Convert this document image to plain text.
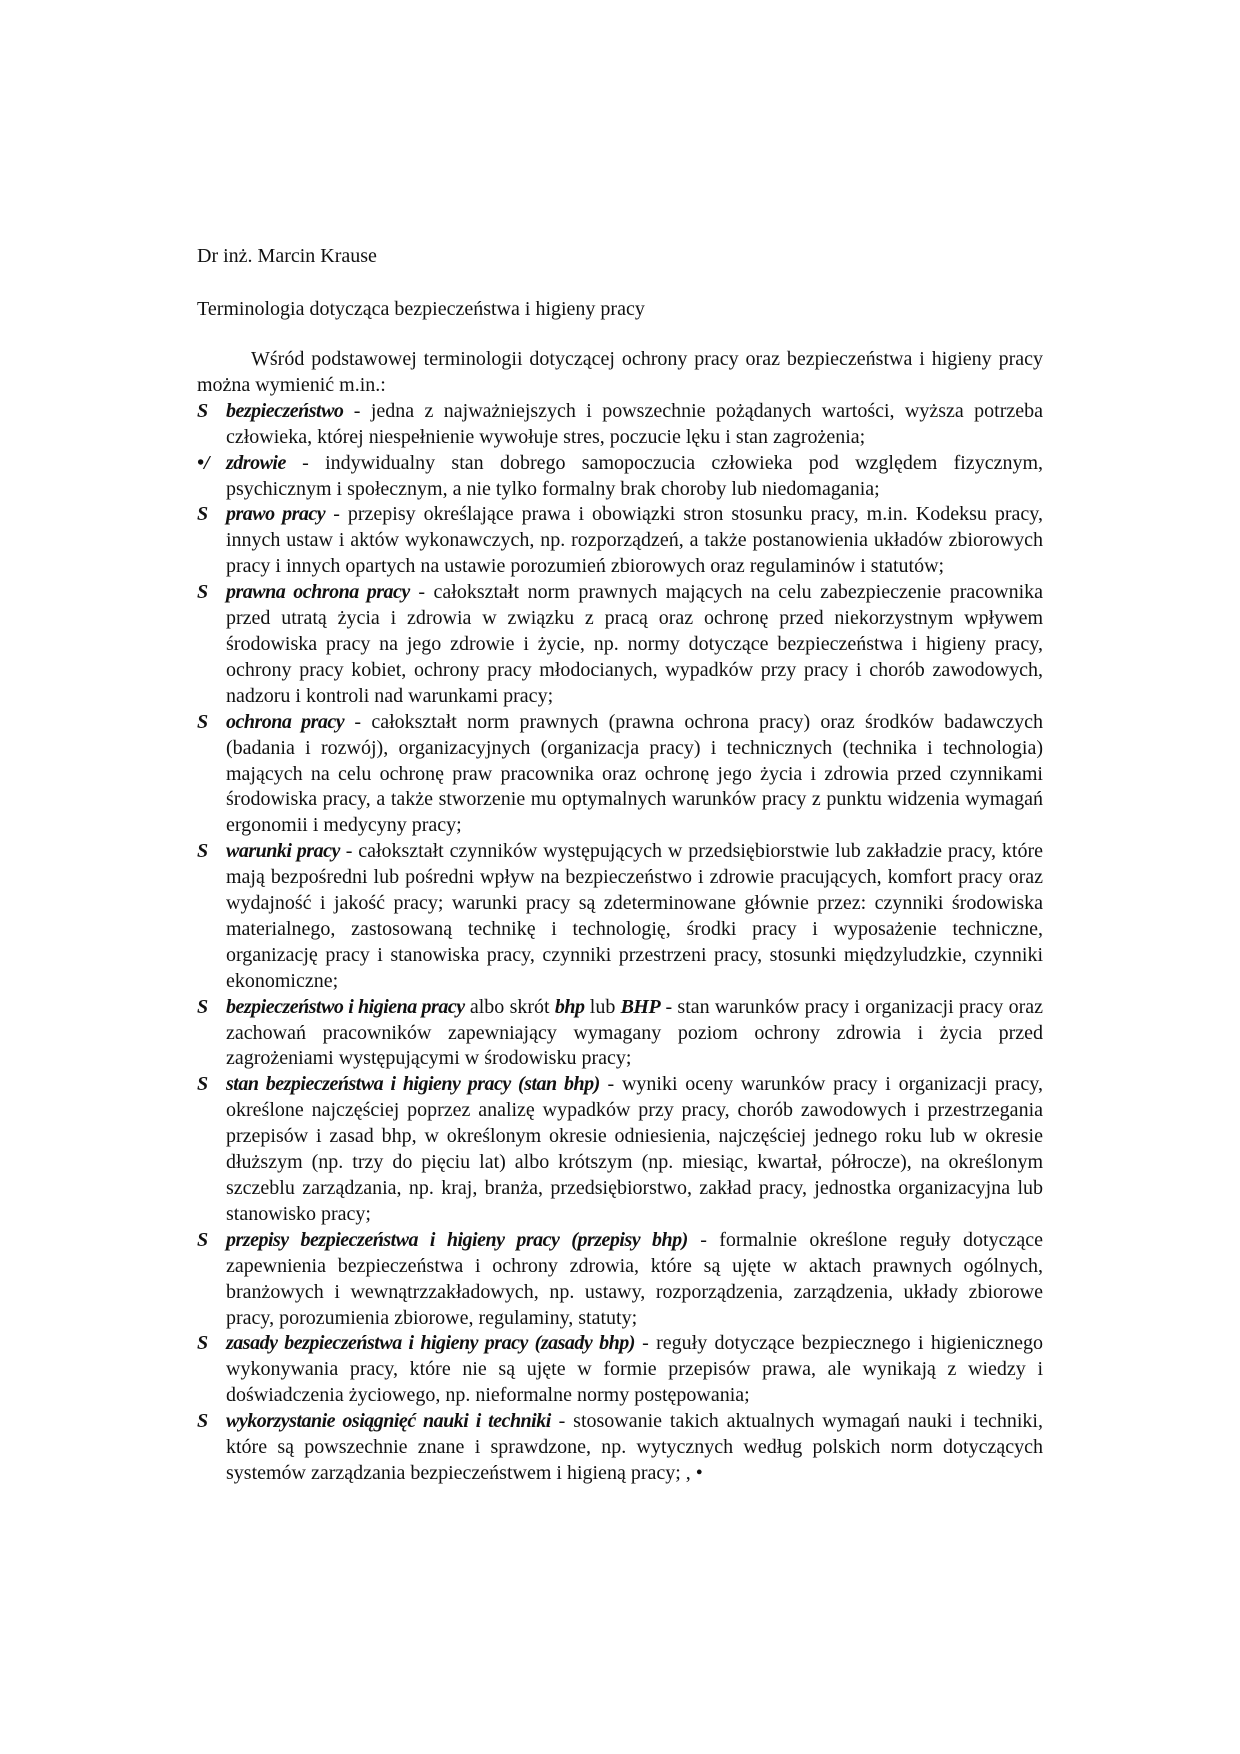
Dr inż. Marcin Krause
Terminologia dotycząca bezpieczeństwa i higieny pracy

Wśród podstawowej terminologii dotyczącej ochrony pracy oraz bezpieczeństwa i higieny pracy można wymienić m.in.:

S bezpieczeństwo - jedna z najważniejszych i powszechnie pożądanych wartości, wyższa potrzeba człowieka, której niespełnienie wywołuje stres, poczucie lęku i stan zagrożenia;
•/ zdrowie - indywidualny stan dobrego samopoczucia człowieka pod względem fizycznym, psychicznym i społecznym, a nie tylko formalny brak choroby lub niedomagania;
S prawo pracy - przepisy określające prawa i obowiązki stron stosunku pracy, m.in. Kodeksu pracy, innych ustaw i aktów wykonawczych, np. rozporządzeń, a także postanowienia układów zbiorowych pracy i innych opartych na ustawie porozumień zbiorowych oraz regulaminów i statutów;
S prawna ochrona pracy - całokształt norm prawnych mających na celu zabezpieczenie pracownika przed utratą życia i zdrowia w związku z pracą oraz ochronę przed niekorzystnym wpływem środowiska pracy na jego zdrowie i życie, np. normy dotyczące bezpieczeństwa i higieny pracy, ochrony pracy kobiet, ochrony pracy młodocianych, wypadków przy pracy i chorób zawodowych, nadzoru i kontroli nad warunkami pracy;
S ochrona pracy - całokształt norm prawnych (prawna ochrona pracy) oraz środków badawczych (badania i rozwój), organizacyjnych (organizacja pracy) i technicznych (technika i technologia) mających na celu ochronę praw pracownika oraz ochronę jego życia i zdrowia przed czynnikami środowiska pracy, a także stworzenie mu optymalnych warunków pracy z punktu widzenia wymagań ergonomii i medycyny pracy;
S warunki pracy - całokształt czynników występujących w przedsiębiorstwie lub zakładzie pracy, które mają bezpośredni lub pośredni wpływ na bezpieczeństwo i zdrowie pracujących, komfort pracy oraz wydajność i jakość pracy; warunki pracy są zdeterminowane głównie przez: czynniki środowiska materialnego, zastosowaną technikę i technologię, środki pracy i wyposażenie techniczne, organizację pracy i stanowiska pracy, czynniki przestrzeni pracy, stosunki międzyludzkie, czynniki ekonomiczne;
S bezpieczeństwo i higiena pracy albo skrót bhp lub BHP - stan warunków pracy i organizacji pracy oraz zachowań pracowników zapewniający wymagany poziom ochrony zdrowia i życia przed zagrożeniami występującymi w środowisku pracy;
S stan bezpieczeństwa i higieny pracy (stan bhp) - wyniki oceny warunków pracy i organizacji pracy, określone najczęściej poprzez analizę wypadków przy pracy, chorób zawodowych i przestrzegania przepisów i zasad bhp, w określonym okresie odniesienia, najczęściej jednego roku lub w okresie dłuższym (np. trzy do pięciu lat) albo krótszym (np. miesiąc, kwartał, półrocze), na określonym szczeblu zarządzania, np. kraj, branża, przedsiębiorstwo, zakład pracy, jednostka organizacyjna lub stanowisko pracy;
S przepisy bezpieczeństwa i higieny pracy (przepisy bhp) - formalnie określone reguły dotyczące zapewnienia bezpieczeństwa i ochrony zdrowia, które są ujęte w aktach prawnych ogólnych, branżowych i wewnątrzzakładowych, np. ustawy, rozporządzenia, zarządzenia, układy zbiorowe pracy, porozumienia zbiorowe, regulaminy, statuty;
S zasady bezpieczeństwa i higieny pracy (zasady bhp) - reguły dotyczące bezpiecznego i higienicznego wykonywania pracy, które nie są ujęte w formie przepisów prawa, ale wynikają z wiedzy i doświadczenia życiowego, np. nieformalne normy postępowania;
S wykorzystanie osiągnięć nauki i techniki - stosowanie takich aktualnych wymagań nauki i techniki, które są powszechnie znane i sprawdzone, np. wytycznych według polskich norm dotyczących systemów zarządzania bezpieczeństwem i higieną pracy; , •
